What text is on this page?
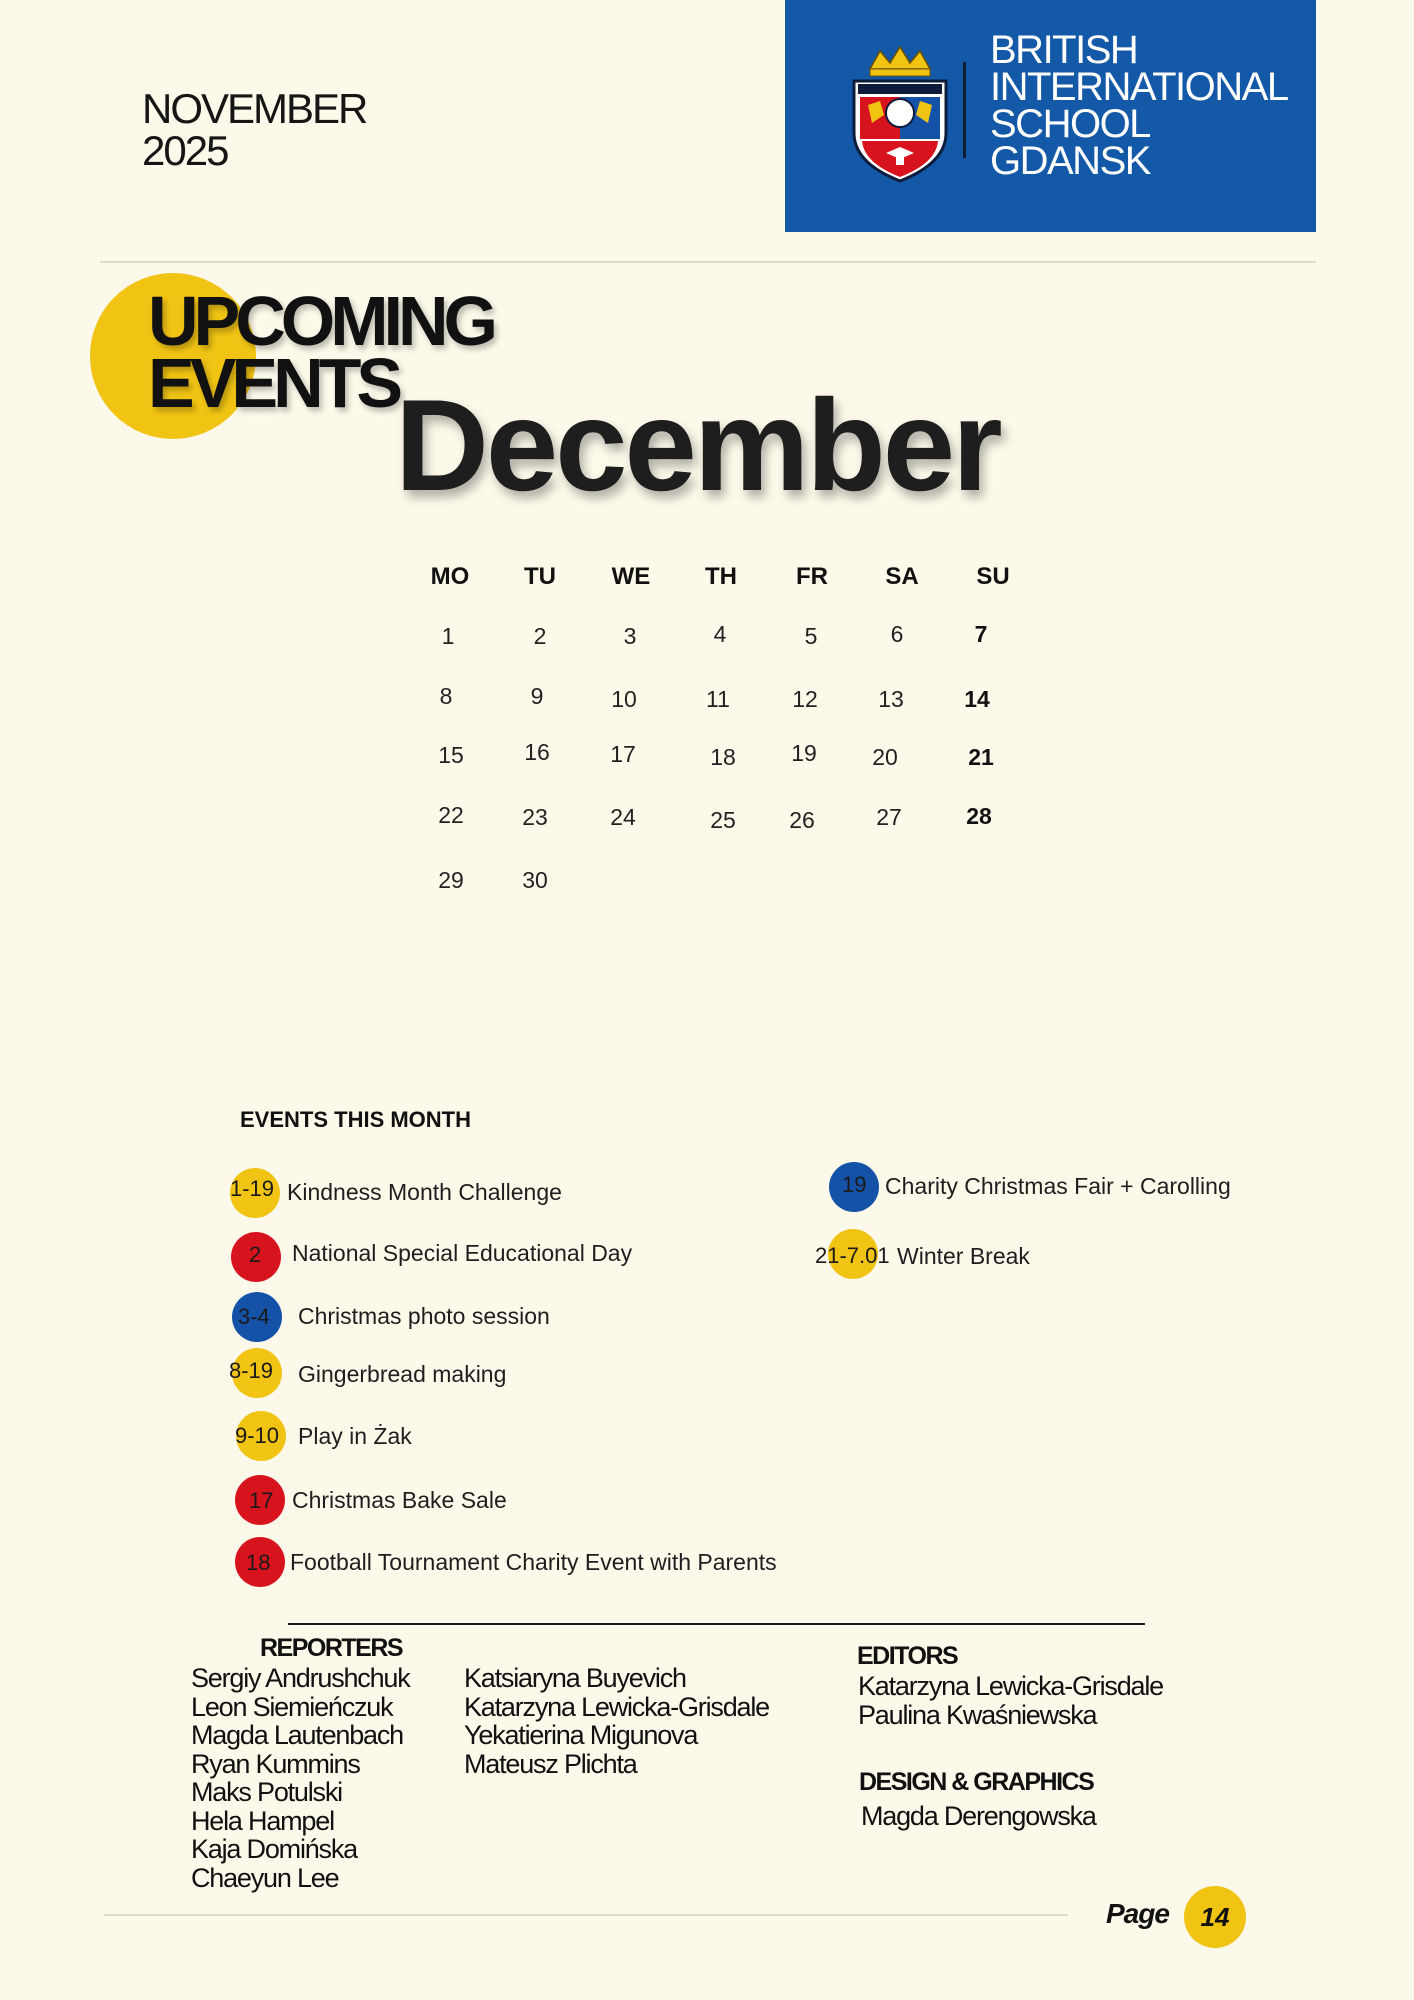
NOVEMBER
2025
BRITISH
INTERNATIONAL
SCHOOL
GDANSK
UPCOMING
EVENTS
December
MO	TU	WE	TH	FR	SA	SU
1	2	3	4	5	6	7
8	9	10	11	12	13	14
15	16	17	18	19	20	21
22	23	24	25	26	27	28
29	30
EVENTS THIS MONTH
1-19 Kindness Month Challenge
2 National Special Educational Day
3-4 Christmas photo session
8-19 Gingerbread making
9-10 Play in Żak
17 Christmas Bake Sale
18 Football Tournament Charity Event with Parents
19 Charity Christmas Fair + Carolling
21-7.01 Winter Break
REPORTERS
Sergiy Andrushchuk
Leon Siemieńczuk
Magda Lautenbach
Ryan Kummins
Maks Potulski
Hela Hampel
Kaja Domińska
Chaeyun Lee
Katsiaryna Buyevich
Katarzyna Lewicka-Grisdale
Yekatierina Migunova
Mateusz Plichta
EDITORS
Katarzyna Lewicka-Grisdale
Paulina Kwaśniewska
DESIGN & GRAPHICS
Magda Derengowska
Page	14
